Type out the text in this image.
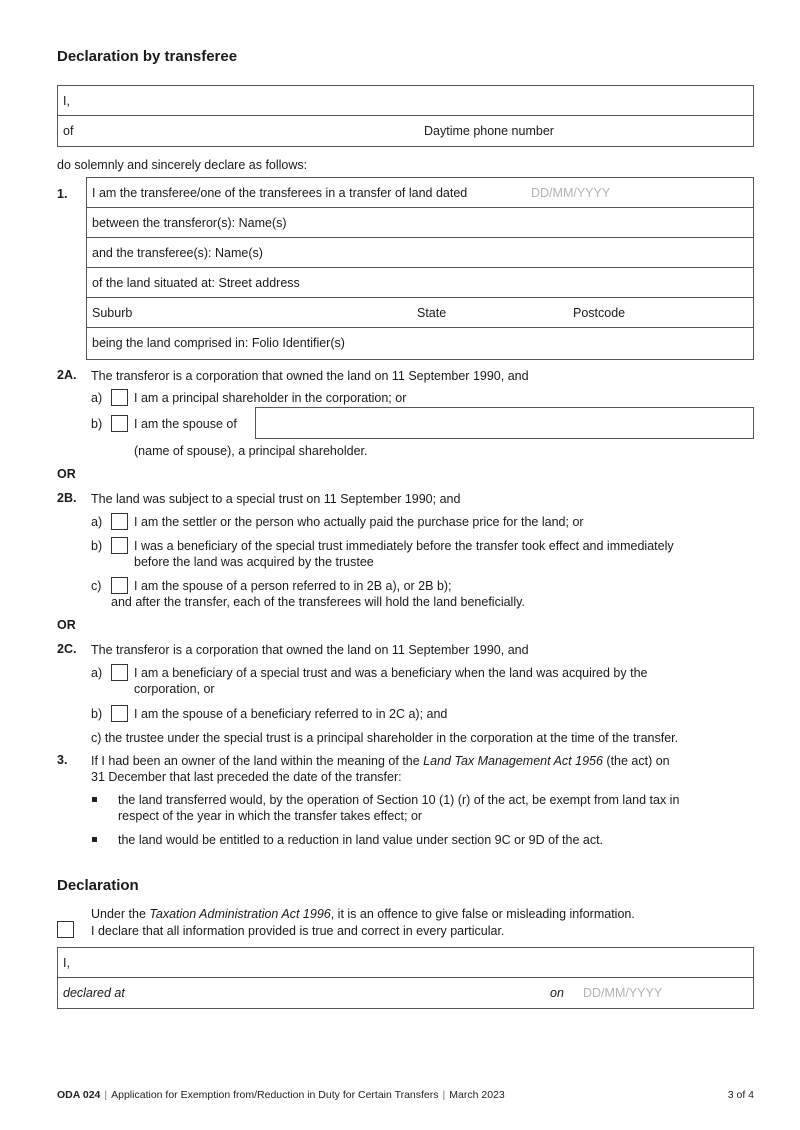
Declaration by transferee
I,
of	Daytime phone number
do solemnly and sincerely declare as follows:
1. I am the transferee/one of the transferees in a transfer of land dated	DD/MM/YYYY
between the transferor(s): Name(s)
and the transferee(s): Name(s)
of the land situated at: Street address
Suburb	State	Postcode
being the land comprised in: Folio Identifier(s)
2A. The transferor is a corporation that owned the land on 11 September 1990, and
a)	I am a principal shareholder in the corporation; or
b)	I am the spouse of
(name of spouse), a principal shareholder.
OR
2B. The land was subject to a special trust on 11 September 1990; and
a)	I am the settler or the person who actually paid the purchase price for the land; or
b)	I was a beneficiary of the special trust immediately before the transfer took effect and immediately
before the land was acquired by the trustee
c)	I am the spouse of a person referred to in 2B a), or 2B b);
and after the transfer, each of the transferees will hold the land beneficially.
OR
2C. The transferor is a corporation that owned the land on 11 September 1990, and
a)	I am a beneficiary of a special trust and was a beneficiary when the land was acquired by the
corporation, or
b)	I am the spouse of a beneficiary referred to in 2C a); and
c) the trustee under the special trust is a principal shareholder in the corporation at the time of the transfer.
3. If I had been an owner of the land within the meaning of the Land Tax Management Act 1956 (the act) on
31 December that last preceded the date of the transfer:
the land transferred would, by the operation of Section 10 (1) (r) of the act, be exempt from land tax in
respect of the year in which the transfer takes effect; or
the land would be entitled to a reduction in land value under section 9C or 9D of the act.
Declaration
Under the Taxation Administration Act 1996, it is an offence to give false or misleading information.
I declare that all information provided is true and correct in every particular.
I,
declared at	on DD/MM/YYYY
ODA 024 | Application for Exemption from/Reduction in Duty for Certain Transfers | March 2023	3 of 4
